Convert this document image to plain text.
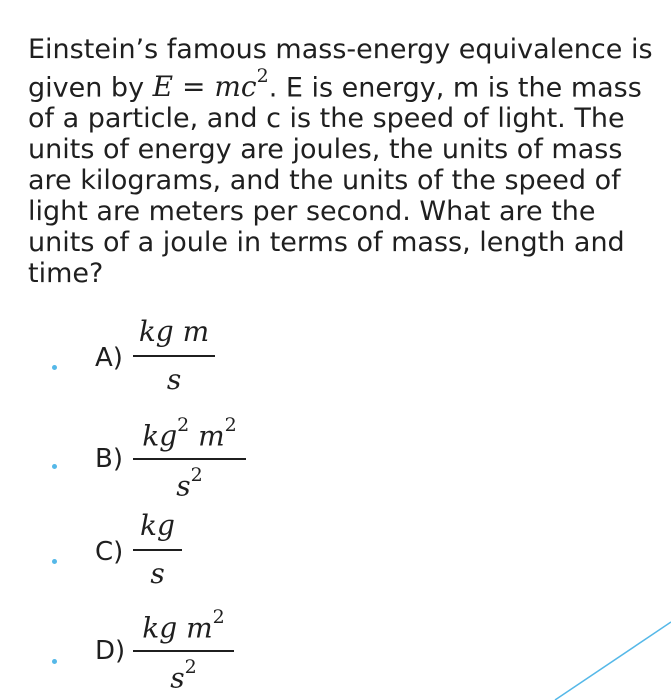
Einstein’s famous mass-energy equivalence is given by $E = mc^2$. E is energy, m is the mass of a particle, and c is the speed of light. The units of energy are joules, the units of mass are kilograms, and the units of the speed of light are meters per second. What are the units of a joule in terms of mass, length and time?

A)
kg m
s
B)
$kg^2$ $m^2$
$s^2$
C)
kg
s
D)
kg $m^2$
$s^2$
